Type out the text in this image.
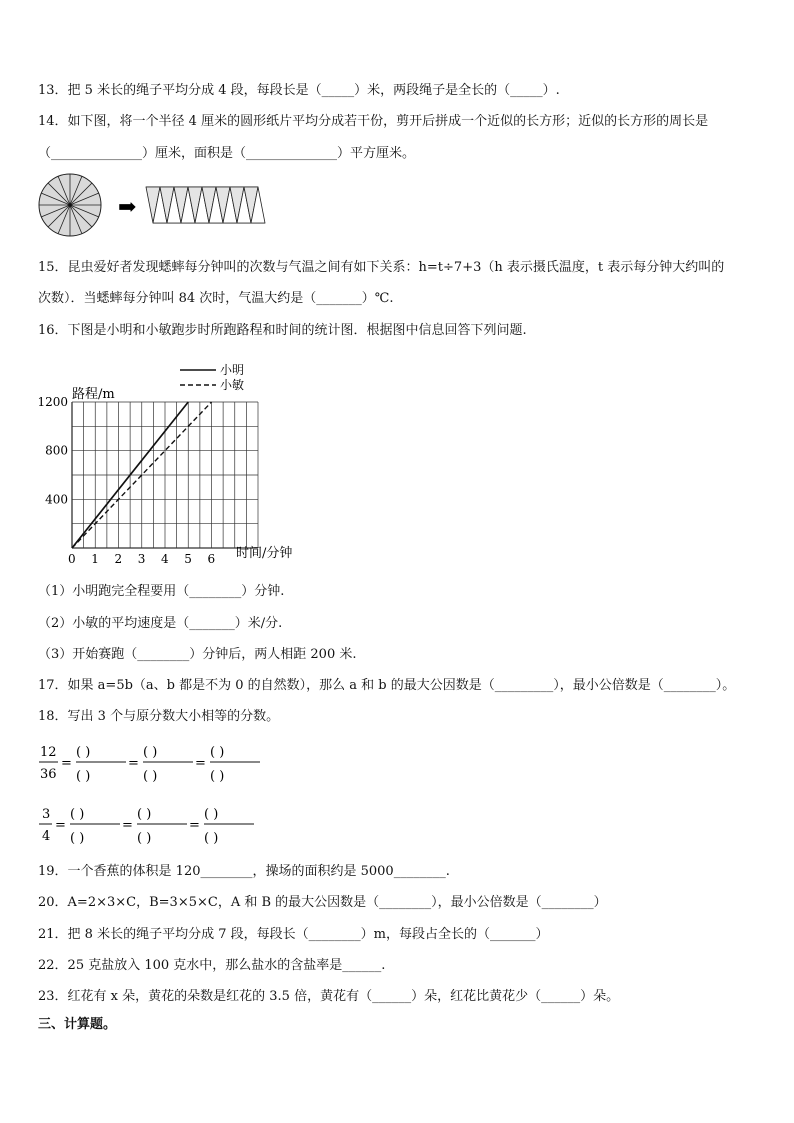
13．把 5 米长的绳子平均分成 4 段，每段长是（_____）米，两段绳子是全长的（_____）.
14．如下图，将一个半径 4 厘米的圆形纸片平均分成若干份，剪开后拼成一个近似的长方形；近似的长方形的周长是
（______________）厘米，面积是（______________）平方厘米。
➡
15．昆虫爱好者发现蟋蟀每分钟叫的次数与气温之间有如下关系：h=t÷7+3（h 表示摄氏温度，t 表示每分钟大约叫的
次数）．当蟋蟀每分钟叫 84 次时，气温大约是（_______）℃.
16．下图是小明和小敏跑步时所跑路程和时间的统计图．根据图中信息回答下列问题.
0 1 2 3 4 5 6
400
800
1200 路程/m
时间/分钟
小明
小敏
（1）小明跑完全程要用（________）分钟.
（2）小敏的平均速度是（_______）米/分.
（3）开始赛跑（________）分钟后，两人相距 200 米.
17．如果 a=5b（a、b 都是不为 0 的自然数），那么 a 和 b 的最大公因数是（_________），最小公倍数是（________）。
18．写出 3 个与原分数大小相等的分数。
12
36
=
( )
( )
=
( )
( )
=
( )
( )
3
4
=
( )
( )
=
( )
( )
=
( )
( )
19．一个香蕉的体积是 120________，操场的面积约是 5000________.
20．A=2×3×C，B=3×5×C，A 和 B 的最大公因数是（________），最小公倍数是（________）
21．把 8 米长的绳子平均分成 7 段，每段长（________）m，每段占全长的（_______）
22．25 克盐放入 100 克水中，那么盐水的含盐率是______.
23．红花有 x 朵，黄花的朵数是红花的 3.5 倍，黄花有（______）朵，红花比黄花少（______）朵。
三、计算题。
